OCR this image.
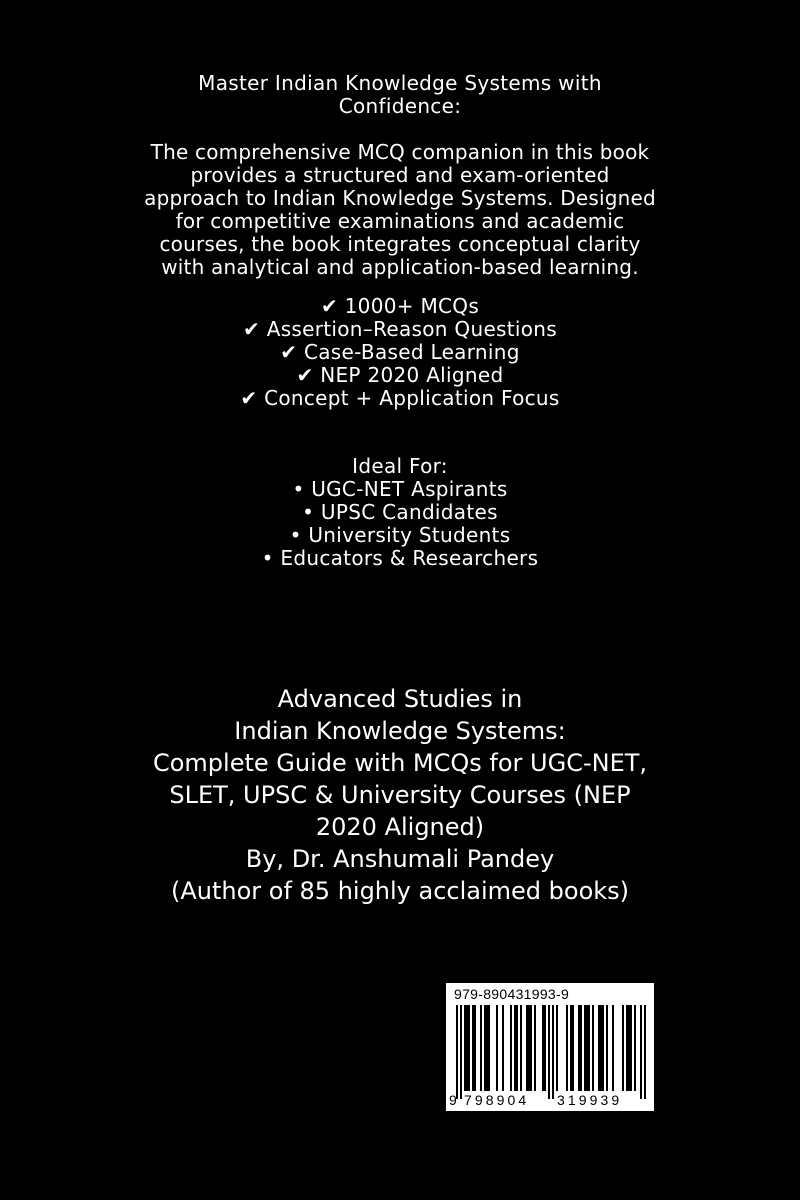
Master Indian Knowledge Systems with
Confidence:
The comprehensive MCQ companion in this book
provides a structured and exam-oriented
approach to Indian Knowledge Systems. Designed
for competitive examinations and academic
courses, the book integrates conceptual clarity
with analytical and application-based learning.
✔ 1000+ MCQs
✔ Assertion–Reason Questions
✔ Case-Based Learning
✔ NEP 2020 Aligned
✔ Concept + Application Focus
Ideal For:
• UGC-NET Aspirants
• UPSC Candidates
• University Students
• Educators & Researchers
Advanced Studies in
Indian Knowledge Systems:
Complete Guide with MCQs for UGC-NET,
SLET, UPSC & University Courses (NEP
2020 Aligned)
By, Dr. Anshumali Pandey
(Author of 85 highly acclaimed books)
979-890431993-9
9 798904 319939
